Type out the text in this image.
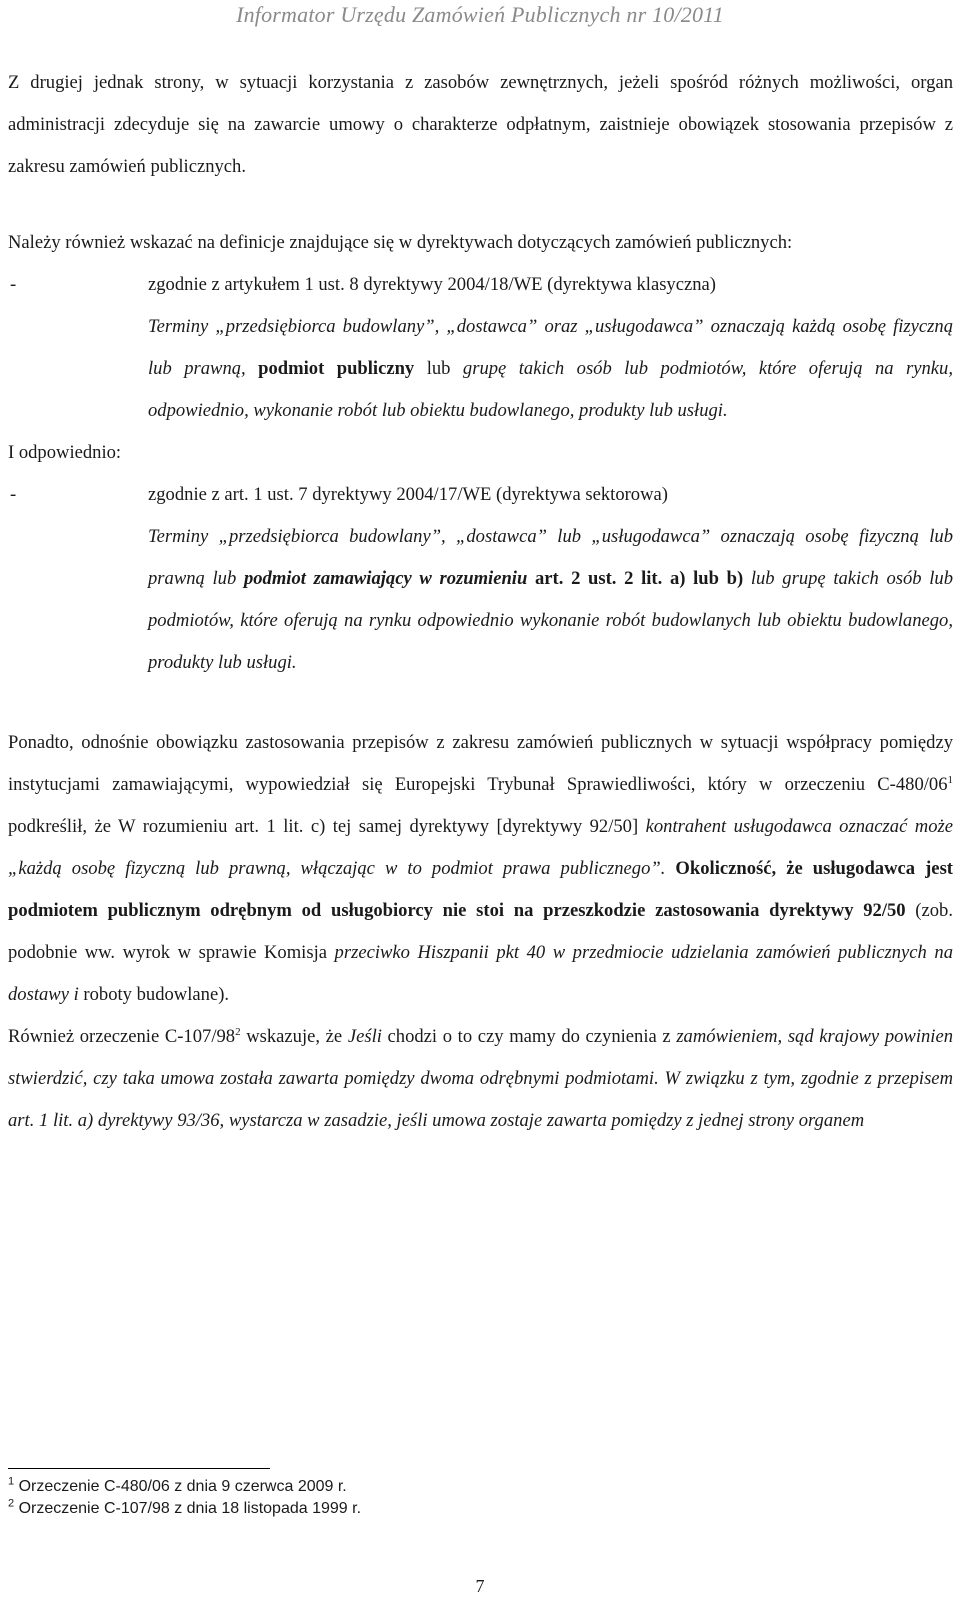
Informator Urzędu Zamówień Publicznych nr 10/2011

Z drugiej jednak strony, w sytuacji korzystania z zasobów zewnętrznych, jeżeli spośród różnych możliwości, organ administracji zdecyduje się na zawarcie umowy o charakterze odpłatnym, zaistnieje obowiązek stosowania przepisów z zakresu zamówień publicznych.

Należy również wskazać na definicje znajdujące się w dyrektywach dotyczących zamówień publicznych:

-	zgodnie z artykułem 1 ust. 8 dyrektywy 2004/18/WE (dyrektywa klasyczna)

Terminy „przedsiębiorca budowlany”, „dostawca” oraz „usługodawca” oznaczają każdą osobę fizyczną lub prawną, podmiot publiczny lub grupę takich osób lub podmiotów, które oferują na rynku, odpowiednio, wykonanie robót lub obiektu budowlanego, produkty lub usługi.

I odpowiednio:

-	zgodnie z art. 1 ust. 7 dyrektywy 2004/17/WE (dyrektywa sektorowa)

Terminy „przedsiębiorca budowlany”, „dostawca” lub „usługodawca” oznaczają osobę fizyczną lub prawną lub podmiot zamawiający w rozumieniu art. 2 ust. 2 lit. a) lub b) lub grupę takich osób lub podmiotów, które oferują na rynku odpowiednio wykonanie robót budowlanych lub obiektu budowlanego, produkty lub usługi.

Ponadto, odnośnie obowiązku zastosowania przepisów z zakresu zamówień publicznych w sytuacji współpracy pomiędzy instytucjami zamawiającymi, wypowiedział się Europejski Trybunał Sprawiedliwości, który w orzeczeniu $C-480/06^1$ podkreślił, że W rozumieniu art. 1 lit. c) tej samej dyrektywy [dyrektywy 92/50] kontrahent usługodawca oznaczać może „każdą osobę fizyczną lub prawną, włączając w to podmiot prawa publicznego”. Okoliczność, że usługodawca jest podmiotem publicznym odrębnym od usługobiorcy nie stoi na przeszkodzie zastosowania dyrektywy 92/50 (zob. podobnie ww. wyrok w sprawie Komisja przeciwko Hiszpanii pkt 40 w przedmiocie udzielania zamówień publicznych na dostawy i roboty budowlane).

Również orzeczenie $C-107/98^2$ wskazuje, że Jeśli chodzi o to czy mamy do czynienia z zamówieniem, sąd krajowy powinien stwierdzić, czy taka umowa została zawarta pomiędzy dwoma odrębnymi podmiotami. W związku z tym, zgodnie z przepisem art. 1 lit. a) dyrektywy 93/36, wystarcza w zasadzie, jeśli umowa zostaje zawarta pomiędzy z jednej strony organem

$^1$ Orzeczenie C-480/06 z dnia 9 czerwca 2009 r.
$^2$ Orzeczenie C-107/98 z dnia 18 listopada 1999 r.
7
